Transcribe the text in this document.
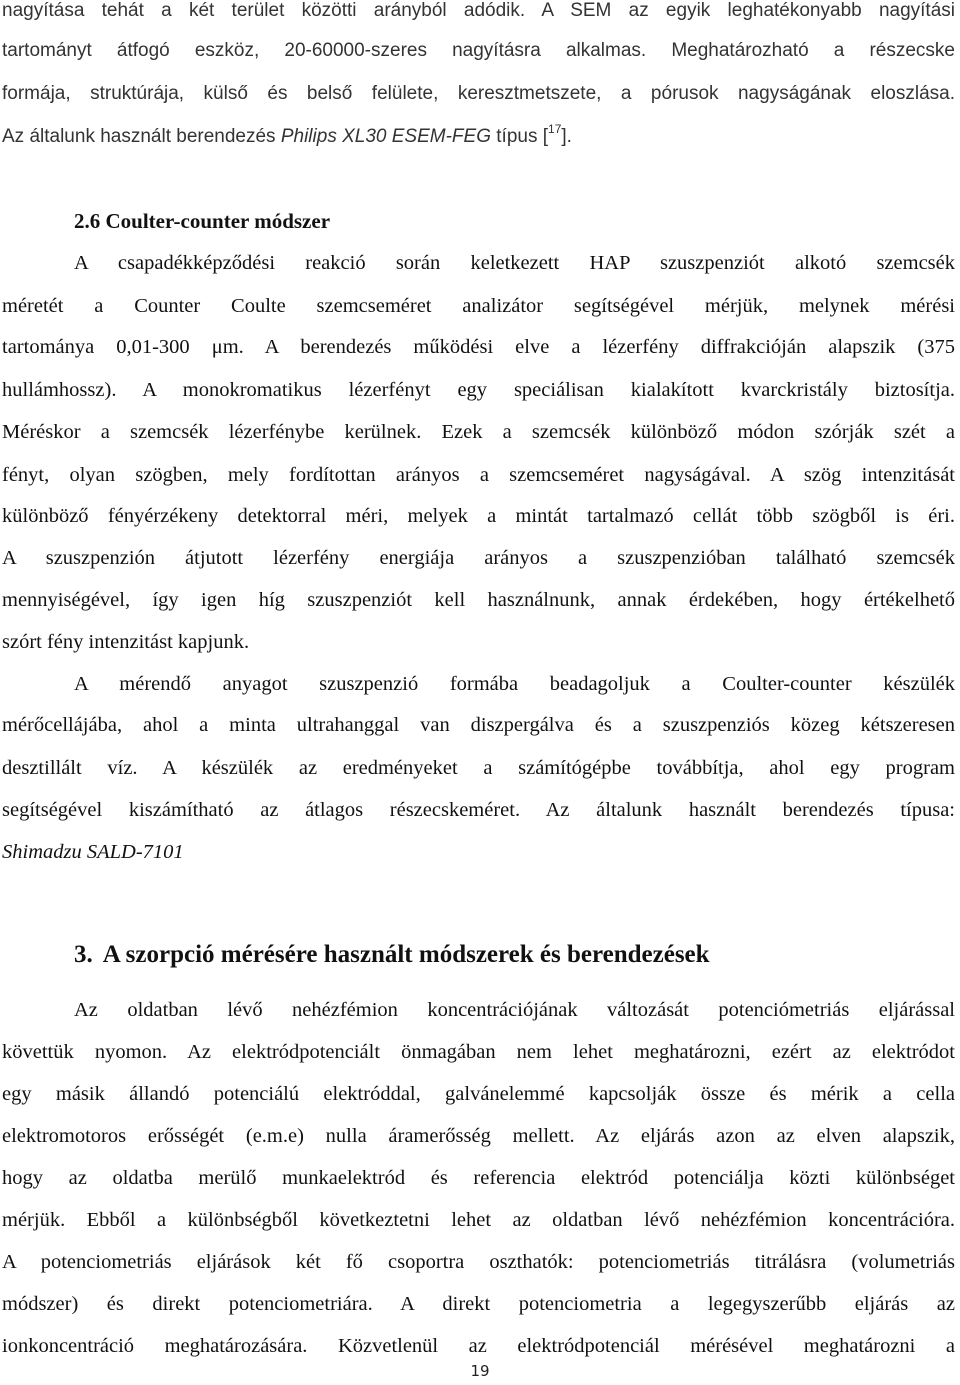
nagyítása tehát a két terület közötti arányból adódik. A SEM az egyik leghatékonyabb nagyítási
tartományt átfogó eszköz, 20-60000-szeres nagyításra alkalmas. Meghatározható a részecske
formája, struktúrája, külső és belső felülete, keresztmetszete, a pórusok nagyságának eloszlása.
Az általunk használt berendezés Philips XL30 ESEM-FEG típus [$^{17}$].
2.6 Coulter-counter módszer
A csapadékképződési reakció során keletkezett HAP szuszpenziót alkotó szemcsék
méretét a Counter Coulte szemcseméret analizátor segítségével mérjük, melynek mérési
tartománya 0,01-300 μm. A berendezés működési elve a lézerfény diffrakcióján alapszik (375
hullámhossz). A monokromatikus lézerfényt egy speciálisan kialakított kvarckristály biztosítja.
Méréskor a szemcsék lézerfénybe kerülnek. Ezek a szemcsék különböző módon szórják szét a
fényt, olyan szögben, mely fordítottan arányos a szemcseméret nagyságával. A szög intenzitását
különböző fényérzékeny detektorral méri, melyek a mintát tartalmazó cellát több szögből is éri.
A szuszpenzión átjutott lézerfény energiája arányos a szuszpenzióban található szemcsék
mennyiségével, így igen híg szuszpenziót kell használnunk, annak érdekében, hogy értékelhető
szórt fény intenzitást kapjunk.
A mérendő anyagot szuszpenzió formába beadagoljuk a Coulter-counter készülék
mérőcellájába, ahol a minta ultrahanggal van diszpergálva és a szuszpenziós közeg kétszeresen
desztillált víz. A készülék az eredményeket a számítógépbe továbbítja, ahol egy program
segítségével kiszámítható az átlagos részecskeméret. Az általunk használt berendezés típusa:
Shimadzu SALD-7101
3. A szorpció mérésére használt módszerek és berendezések
Az oldatban lévő nehézfémion koncentrációjának változását potenciómetriás eljárással
követtük nyomon. Az elektródpotenciált önmagában nem lehet meghatározni, ezért az elektródot
egy másik állandó potenciálú elektróddal, galvánelemmé kapcsolják össze és mérik a cella
elektromotoros erősségét (e.m.e) nulla áramerősség mellett. Az eljárás azon az elven alapszik,
hogy az oldatba merülő munkaelektród és referencia elektród potenciálja közti különbséget
mérjük. Ebből a különbségből következtetni lehet az oldatban lévő nehézfémion koncentrációra.
A potenciometriás eljárások két fő csoportra oszthatók: potenciometriás titrálásra (volumetriás
módszer) és direkt potenciometriára. A direkt potenciometria a legegyszerűbb eljárás az
ionkoncentráció meghatározására. Közvetlenül az elektródpotenciál mérésével meghatározni a
19
